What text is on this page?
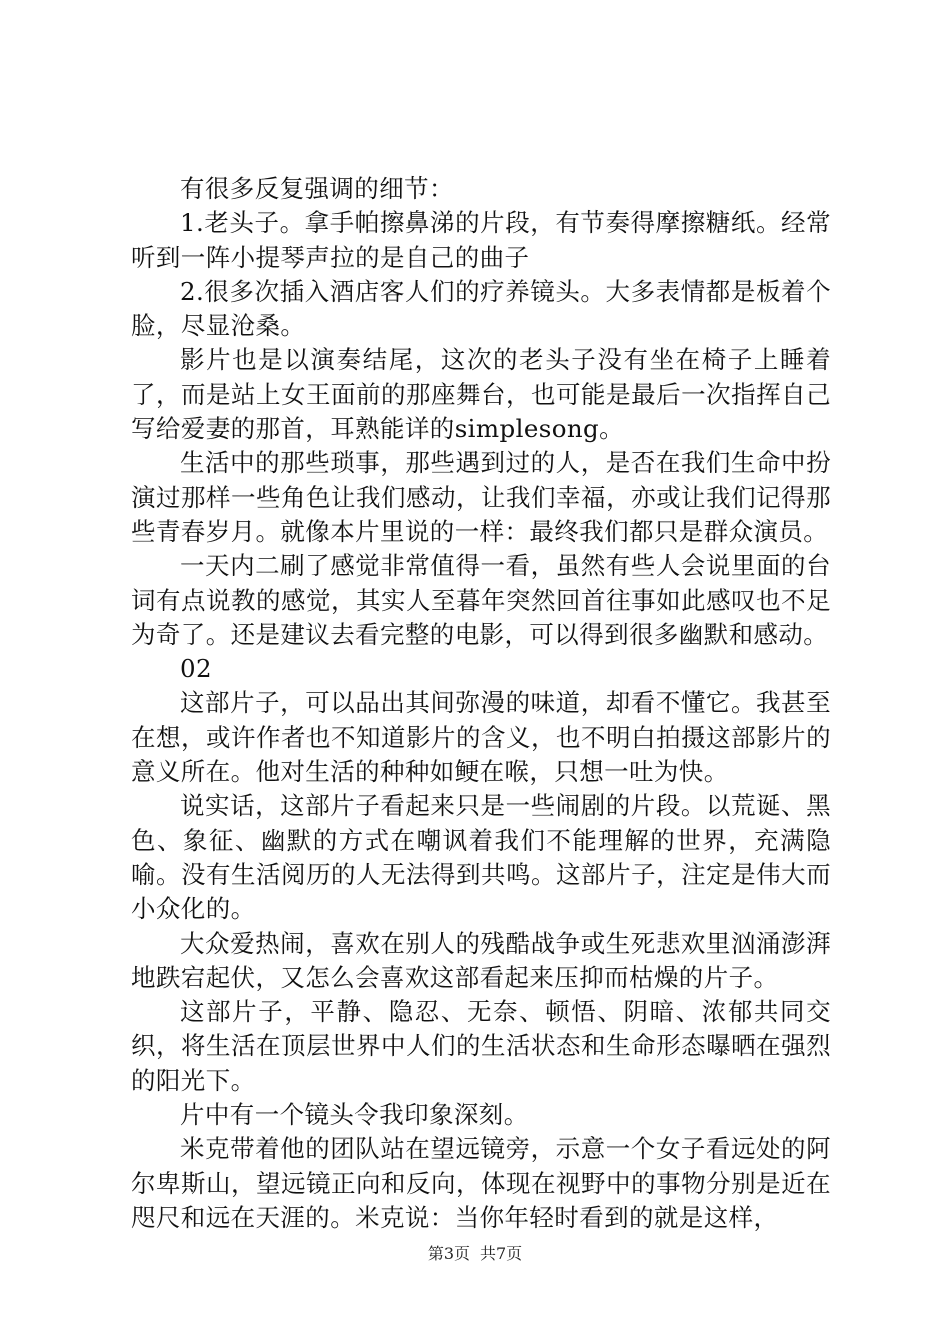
有很多反复强调的细节：

1.老头子。拿手帕擦鼻涕的片段，有节奏得摩擦糖纸。经常听到一阵小提琴声拉的是自己的曲子

2.很多次插入酒店客人们的疗养镜头。大多表情都是板着个脸，尽显沧桑。

影片也是以演奏结尾，这次的老头子没有坐在椅子上睡着了，而是站上女王面前的那座舞台，也可能是最后一次指挥自己写给爱妻的那首，耳熟能详的simplesong。

生活中的那些琐事，那些遇到过的人，是否在我们生命中扮演过那样一些角色让我们感动，让我们幸福，亦或让我们记得那些青春岁月。就像本片里说的一样：最终我们都只是群众演员。

一天内二刷了感觉非常值得一看，虽然有些人会说里面的台词有点说教的感觉，其实人至暮年突然回首往事如此感叹也不足为奇了。还是建议去看完整的电影，可以得到很多幽默和感动。

02

这部片子，可以品出其间弥漫的味道，却看不懂它。我甚至在想，或许作者也不知道影片的含义，也不明白拍摄这部影片的意义所在。他对生活的种种如鲠在喉，只想一吐为快。

说实话，这部片子看起来只是一些闹剧的片段。以荒诞、黑色、象征、幽默的方式在嘲讽着我们不能理解的世界，充满隐喻。没有生活阅历的人无法得到共鸣。这部片子，注定是伟大而小众化的。

大众爱热闹，喜欢在别人的残酷战争或生死悲欢里汹涌澎湃地跌宕起伏，又怎么会喜欢这部看起来压抑而枯燥的片子。

这部片子，平静、隐忍、无奈、顿悟、阴暗、浓郁共同交织，将生活在顶层世界中人们的生活状态和生命形态曝晒在强烈的阳光下。

片中有一个镜头令我印象深刻。

米克带着他的团队站在望远镜旁，示意一个女子看远处的阿尔卑斯山，望远镜正向和反向，体现在视野中的事物分别是近在咫尺和远在天涯的。米克说：当你年轻时看到的就是这样，

第3页 共7页
